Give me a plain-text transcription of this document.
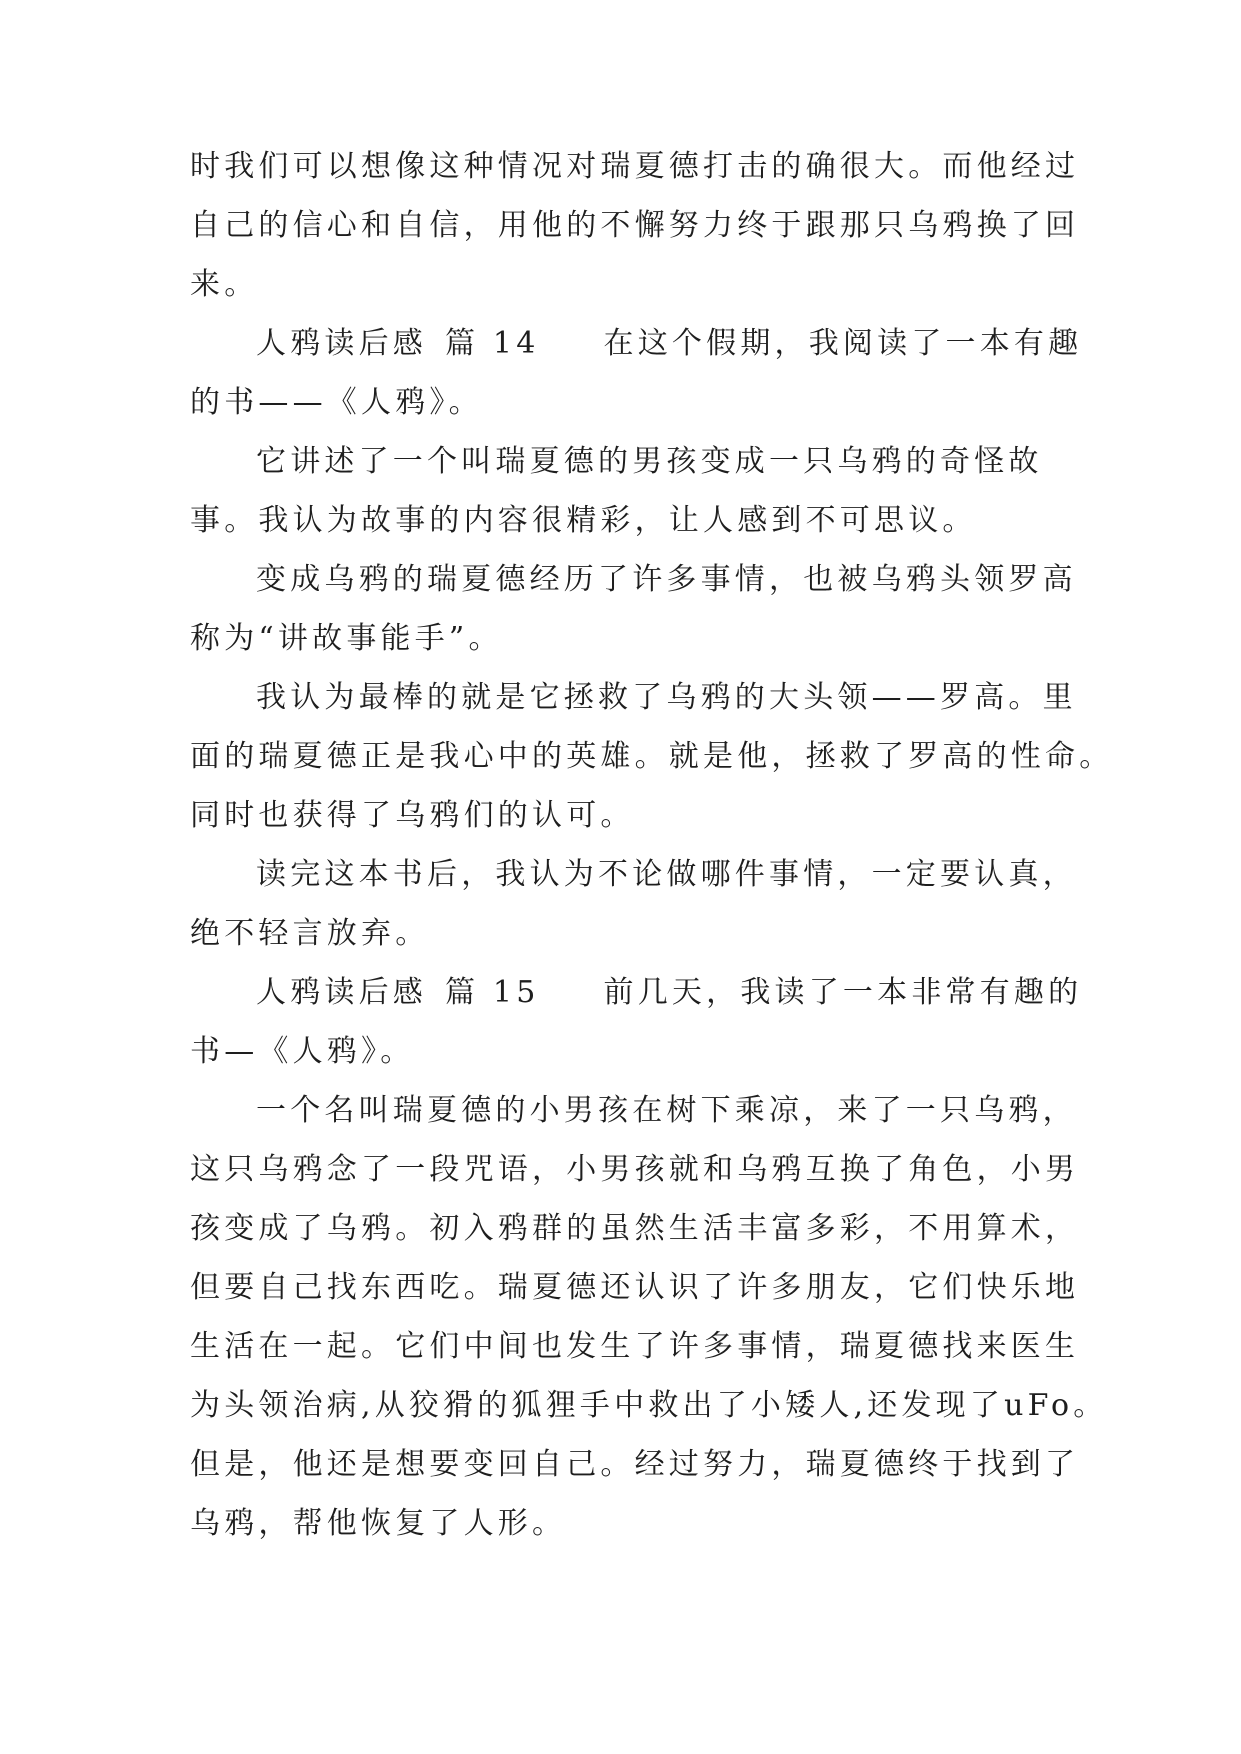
时我们可以想像这种情况对瑞夏德打击的确很大。而他经过
自己的信心和自信，用他的不懈努力终于跟那只乌鸦换了回
来。
人鸦读后感 篇 14 在这个假期，我阅读了一本有趣
的书——《人鸦》。
它讲述了一个叫瑞夏德的男孩变成一只乌鸦的奇怪故
事。我认为故事的内容很精彩，让人感到不可思议。
变成乌鸦的瑞夏德经历了许多事情，也被乌鸦头领罗高
称为“讲故事能手”。
我认为最棒的就是它拯救了乌鸦的大头领——罗高。里
面的瑞夏德正是我心中的英雄。就是他，拯救了罗高的性命。
同时也获得了乌鸦们的认可。
读完这本书后，我认为不论做哪件事情，一定要认真，
绝不轻言放弃。
人鸦读后感 篇 15 前几天，我读了一本非常有趣的
书—《人鸦》。
一个名叫瑞夏德的小男孩在树下乘凉，来了一只乌鸦，
这只乌鸦念了一段咒语，小男孩就和乌鸦互换了角色，小男
孩变成了乌鸦。初入鸦群的虽然生活丰富多彩，不用算术，
但要自己找东西吃。瑞夏德还认识了许多朋友，它们快乐地
生活在一起。它们中间也发生了许多事情，瑞夏德找来医生
为头领治病,从狡猾的狐狸手中救出了小矮人,还发现了uFo。
但是，他还是想要变回自己。经过努力，瑞夏德终于找到了
乌鸦，帮他恢复了人形。
